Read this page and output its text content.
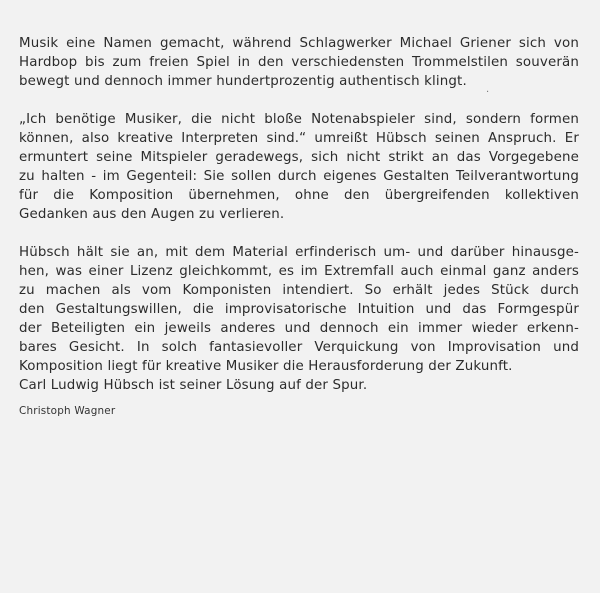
.
Musik eine Namen gemacht, während Schlagwerker Michael Griener sich von
Hardbop bis zum freien Spiel in den verschiedensten Trommelstilen souverän
bewegt und dennoch immer hundertprozentig authentisch klingt.
„Ich benötige Musiker, die nicht bloße Notenabspieler sind, sondern formen
können, also kreative Interpreten sind.“ umreißt Hübsch seinen Anspruch. Er
ermuntert seine Mitspieler geradewegs, sich nicht strikt an das Vorgegebene
zu halten - im Gegenteil: Sie sollen durch eigenes Gestalten Teilverantwortung
für die Komposition übernehmen, ohne den übergreifenden kollektiven
Gedanken aus den Augen zu verlieren.
Hübsch hält sie an, mit dem Material erfinderisch um- und darüber hinausge-
hen, was einer Lizenz gleichkommt, es im Extremfall auch einmal ganz anders
zu machen als vom Komponisten intendiert. So erhält jedes Stück durch
den Gestaltungswillen, die improvisatorische Intuition und das Formgespür
der Beteiligten ein jeweils anderes und dennoch ein immer wieder erkenn-
bares Gesicht. In solch fantasievoller Verquickung von Improvisation und
Komposition liegt für kreative Musiker die Herausforderung der Zukunft.
Carl Ludwig Hübsch ist seiner Lösung auf der Spur.
Christoph Wagner
